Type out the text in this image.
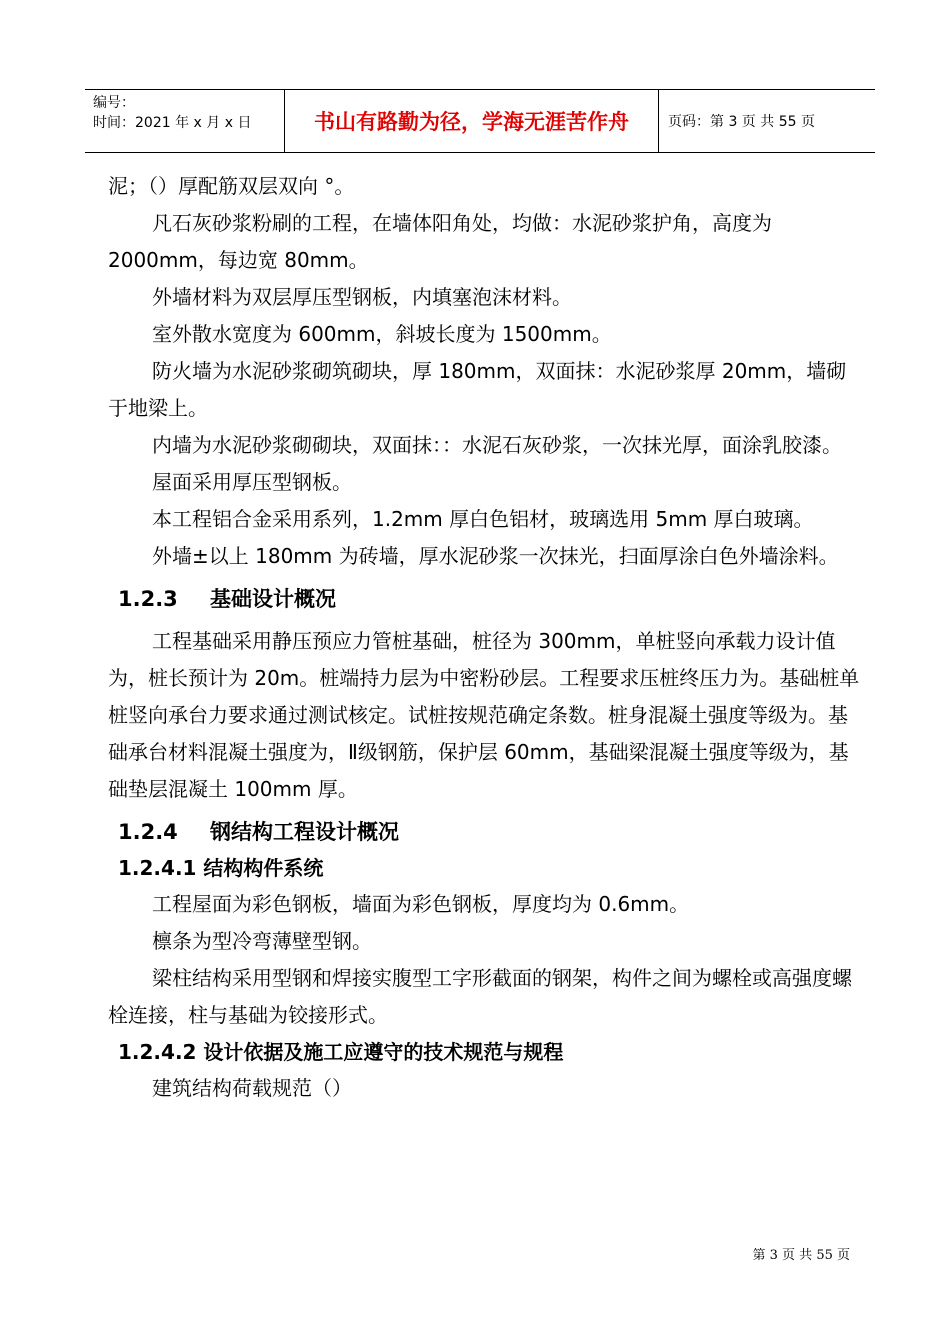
编号：
时间：2021 年 x 月 x 日	书山有路勤为径，学海无涯苦作舟	页码：第 3 页 共 55 页

泥；（）厚配筋双层双向 °。

凡石灰砂浆粉刷的工程，在墙体阳角处，均做：水泥砂浆护角，高度为 2000mm，每边宽 80mm。

外墙材料为双层厚压型钢板，内填塞泡沫材料。

室外散水宽度为 600mm，斜坡长度为 1500mm。

防火墙为水泥砂浆砌筑砌块，厚 180mm，双面抹：水泥砂浆厚 20mm，墙砌于地梁上。

内墙为水泥砂浆砌砌块，双面抹：：水泥石灰砂浆，一次抹光厚，面涂乳胶漆。

屋面采用厚压型钢板。

本工程铝合金采用系列，1.2mm 厚白色铝材，玻璃选用 5mm 厚白玻璃。

外墙±以上 180mm 为砖墙，厚水泥砂浆一次抹光，扫面厚涂白色外墙涂料。

1.2.3 基础设计概况

工程基础采用静压预应力管桩基础，桩径为 300mm，单桩竖向承载力设计值为，桩长预计为 20m。桩端持力层为中密粉砂层。工程要求压桩终压力为。基础桩单桩竖向承台力要求通过测试核定。试桩按规范确定条数。桩身混凝土强度等级为。基础承台材料混凝土强度为，Ⅱ级钢筋，保护层 60mm，基础梁混凝土强度等级为，基础垫层混凝土 100mm 厚。

1.2.4 钢结构工程设计概况
1.2.4.1 结构构件系统

工程屋面为彩色钢板，墙面为彩色钢板，厚度均为 0.6mm。

檩条为型冷弯薄壁型钢。

梁柱结构采用型钢和焊接实腹型工字形截面的钢架，构件之间为螺栓或高强度螺栓连接，柱与基础为铰接形式。

1.2.4.2 设计依据及施工应遵守的技术规范与规程

建筑结构荷载规范（）

第 3 页 共 55 页
